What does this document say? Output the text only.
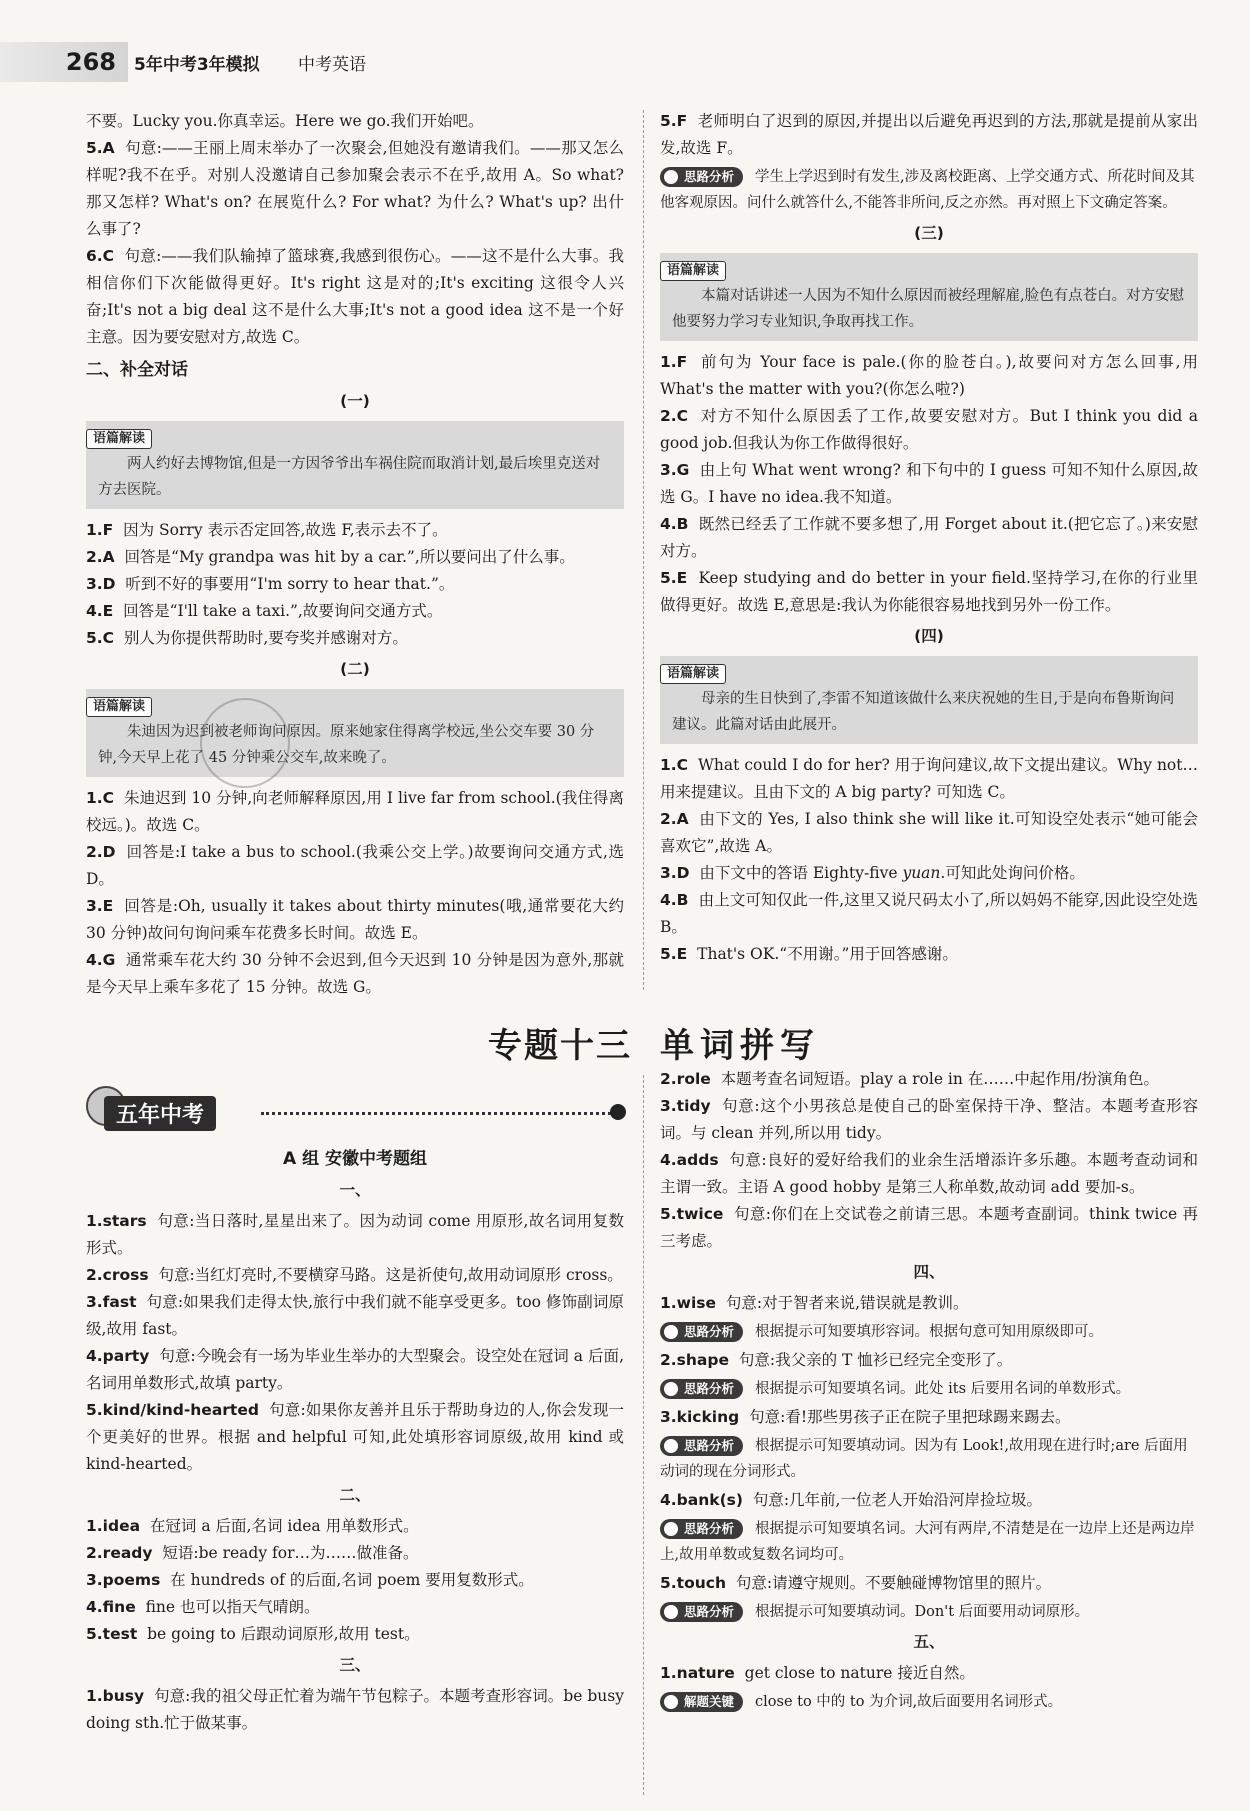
268	5年中考3年模拟 中考英语

不要。Lucky you.你真幸运。Here we go.我们开始吧。

5.A 句意:——王丽上周末举办了一次聚会,但她没有邀请我们。——那又怎么样呢?我不在乎。对别人没邀请自己参加聚会表示不在乎,故用 A。So what? 那又怎样? What's on? 在展览什么? For what? 为什么? What's up? 出什么事了?

6.C 句意:——我们队输掉了篮球赛,我感到很伤心。——这不是什么大事。我相信你们下次能做得更好。It's right 这是对的;It's exciting 这很令人兴奋;It's not a big deal 这不是什么大事;It's not a good idea 这不是一个好主意。因为要安慰对方,故选 C。

二、补全对话
(一)
语篇解读
两人约好去博物馆,但是一方因爷爷出车祸住院而取消计划,最后埃里克送对方去医院。

1.F 因为 Sorry 表示否定回答,故选 F,表示去不了。

2.A 回答是“My grandpa was hit by a car.”,所以要问出了什么事。

3.D 听到不好的事要用“I'm sorry to hear that.”。

4.E 回答是“I'll take a taxi.”,故要询问交通方式。

5.C 别人为你提供帮助时,要夸奖并感谢对方。

(二)
语篇解读
朱迪因为迟到被老师询问原因。原来她家住得离学校远,坐公交车要 30 分钟,今天早上花了 45 分钟乘公交车,故来晚了。

1.C 朱迪迟到 10 分钟,向老师解释原因,用 I live far from school.(我住得离校远。)。故选 C。

2.D 回答是:I take a bus to school.(我乘公交上学。)故要询问交通方式,选 D。

3.E 回答是:Oh, usually it takes about thirty minutes(哦,通常要花大约 30 分钟)故问句询问乘车花费多长时间。故选 E。

4.G 通常乘车花大约 30 分钟不会迟到,但今天迟到 10 分钟是因为意外,那就是今天早上乘车多花了 15 分钟。故选 G。

5.F 老师明白了迟到的原因,并提出以后避免再迟到的方法,那就是提前从家出发,故选 F。

思路分析 学生上学迟到时有发生,涉及离校距离、上学交通方式、所花时间及其他客观原因。问什么就答什么,不能答非所问,反之亦然。再对照上下文确定答案。

(三)
语篇解读
本篇对话讲述一人因为不知什么原因而被经理解雇,脸色有点苍白。对方安慰他要努力学习专业知识,争取再找工作。

1.F 前句为 Your face is pale.(你的脸苍白。),故要问对方怎么回事,用 What's the matter with you?(你怎么啦?)

2.C 对方不知什么原因丢了工作,故要安慰对方。But I think you did a good job.但我认为你工作做得很好。

3.G 由上句 What went wrong? 和下句中的 I guess 可知不知什么原因,故选 G。I have no idea.我不知道。

4.B 既然已经丢了工作就不要多想了,用 Forget about it.(把它忘了。)来安慰对方。

5.E Keep studying and do better in your field.坚持学习,在你的行业里做得更好。故选 E,意思是:我认为你能很容易地找到另外一份工作。

(四)
语篇解读
母亲的生日快到了,李雷不知道该做什么来庆祝她的生日,于是向布鲁斯询问建议。此篇对话由此展开。

1.C What could I do for her? 用于询问建议,故下文提出建议。Why not…用来提建议。且由下文的 A big party? 可知选 C。

2.A 由下文的 Yes, I also think she will like it.可知设空处表示“她可能会喜欢它”,故选 A。

3.D 由下文中的答语 Eighty-five yuan.可知此处询问价格。

4.B 由上文可知仅此一件,这里又说尺码太小了,所以妈妈不能穿,因此设空处选 B。

5.E That's OK.“不用谢。”用于回答感谢。

专题十三 单词拼写
五年中考
A 组 安徽中考题组
一、

1.stars 句意:当日落时,星星出来了。因为动词 come 用原形,故名词用复数形式。

2.cross 句意:当红灯亮时,不要横穿马路。这是祈使句,故用动词原形 cross。

3.fast 句意:如果我们走得太快,旅行中我们就不能享受更多。too 修饰副词原级,故用 fast。

4.party 句意:今晚会有一场为毕业生举办的大型聚会。设空处在冠词 a 后面,名词用单数形式,故填 party。

5.kind/kind-hearted 句意:如果你友善并且乐于帮助身边的人,你会发现一个更美好的世界。根据 and helpful 可知,此处填形容词原级,故用 kind 或 kind-hearted。

二、

1.idea 在冠词 a 后面,名词 idea 用单数形式。

2.ready 短语:be ready for…为……做准备。

3.poems 在 hundreds of 的后面,名词 poem 要用复数形式。

4.fine fine 也可以指天气晴朗。

5.test be going to 后跟动词原形,故用 test。

三、

1.busy 句意:我的祖父母正忙着为端午节包粽子。本题考查形容词。be busy doing sth.忙于做某事。

2.role 本题考查名词短语。play a role in 在……中起作用/扮演角色。

3.tidy 句意:这个小男孩总是使自己的卧室保持干净、整洁。本题考查形容词。与 clean 并列,所以用 tidy。

4.adds 句意:良好的爱好给我们的业余生活增添许多乐趣。本题考查动词和主谓一致。主语 A good hobby 是第三人称单数,故动词 add 要加-s。

5.twice 句意:你们在上交试卷之前请三思。本题考查副词。think twice 再三考虑。

四、

1.wise 句意:对于智者来说,错误就是教训。

思路分析 根据提示可知要填形容词。根据句意可知用原级即可。

2.shape 句意:我父亲的 T 恤衫已经完全变形了。

思路分析 根据提示可知要填名词。此处 its 后要用名词的单数形式。

3.kicking 句意:看!那些男孩子正在院子里把球踢来踢去。

思路分析 根据提示可知要填动词。因为有 Look!,故用现在进行时;are 后面用动词的现在分词形式。

4.bank(s) 句意:几年前,一位老人开始沿河岸捡垃圾。

思路分析 根据提示可知要填名词。大河有两岸,不清楚是在一边岸上还是两边岸上,故用单数或复数名词均可。

5.touch 句意:请遵守规则。不要触碰博物馆里的照片。

思路分析 根据提示可知要填动词。Don't 后面要用动词原形。

五、

1.nature get close to nature 接近自然。

解题关键 close to 中的 to 为介词,故后面要用名词形式。
